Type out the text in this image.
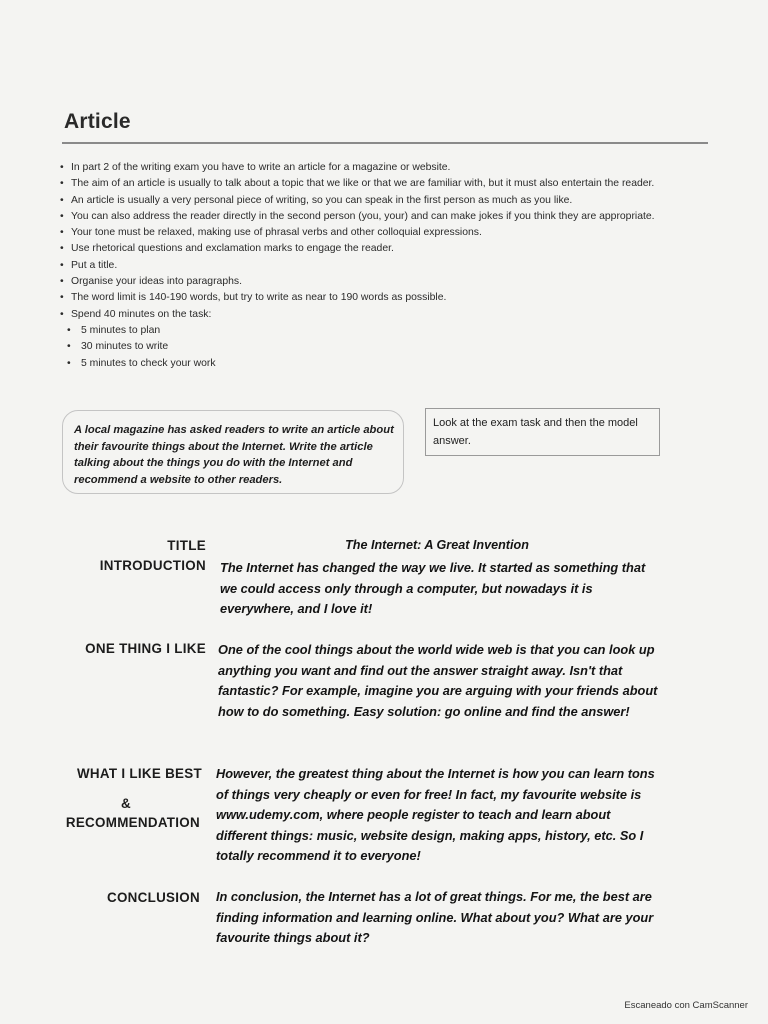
Article
• In part 2 of the writing exam you have to write an article for a magazine or website.
• The aim of an article is usually to talk about a topic that we like or that we are familiar with, but it must also entertain the reader.
• An article is usually a very personal piece of writing, so you can speak in the first person as much as you like.
• You can also address the reader directly in the second person (you, your) and can make jokes if you think they are appropriate.
• Your tone must be relaxed, making use of phrasal verbs and other colloquial expressions.
• Use rhetorical questions and exclamation marks to engage the reader.
• Put a title.
• Organise your ideas into paragraphs.
• The word limit is 140-190 words, but try to write as near to 190 words as possible.
• Spend 40 minutes on the task:
• 5 minutes to plan
• 30 minutes to write
• 5 minutes to check your work
A local magazine has asked readers to write an article about their favourite things about the Internet. Write the article talking about the things you do with the Internet and recommend a website to other readers.
Look at the exam task and then the model answer.
TITLE
INTRODUCTION
ONE THING I LIKE
WHAT I LIKE BEST
&
RECOMMENDATION
CONCLUSION
The Internet: A Great Invention
The Internet has changed the way we live. It started as something that we could access only through a computer, but nowadays it is everywhere, and I love it!
One of the cool things about the world wide web is that you can look up anything you want and find out the answer straight away. Isn't that fantastic? For example, imagine you are arguing with your friends about how to do something. Easy solution: go online and find the answer!
However, the greatest thing about the Internet is how you can learn tons of things very cheaply or even for free! In fact, my favourite website is www.udemy.com, where people register to teach and learn about different things: music, website design, making apps, history, etc. So I totally recommend it to everyone!
In conclusion, the Internet has a lot of great things. For me, the best are finding information and learning online. What about you? What are your favourite things about it?
Escaneado con CamScanner
